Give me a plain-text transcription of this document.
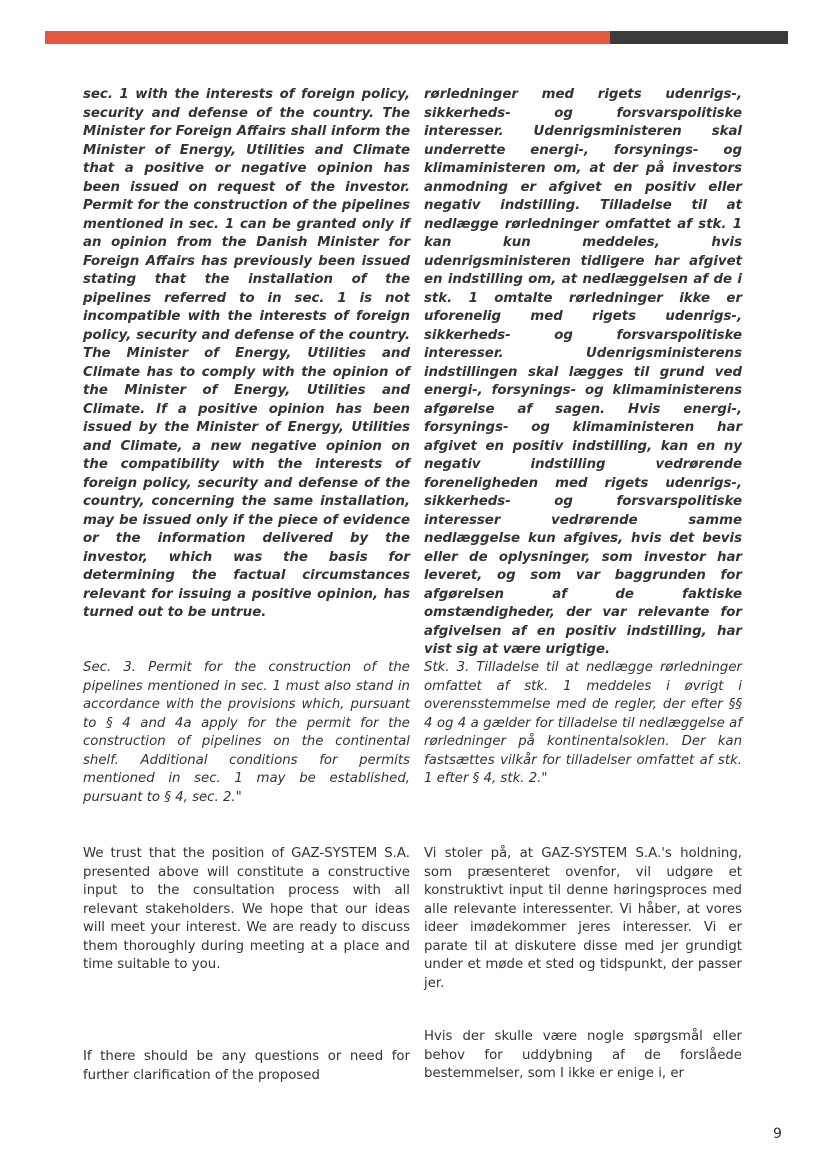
sec. 1 with the interests of foreign policy, security and defense of the country. The Minister for Foreign Affairs shall inform the Minister of Energy, Utilities and Climate that a positive or negative opinion has been issued on request of the investor. Permit for the construction of the pipelines mentioned in sec. 1 can be granted only if an opinion from the Danish Minister for Foreign Affairs has previously been issued stating that the installation of the pipelines referred to in sec. 1 is not incompatible with the interests of foreign policy, security and defense of the country. The Minister of Energy, Utilities and Climate has to comply with the opinion of the Minister of Energy, Utilities and Climate. If a positive opinion has been issued by the Minister of Energy, Utilities and Climate, a new negative opinion on the compatibility with the interests of foreign policy, security and defense of the country, concerning the same installation, may be issued only if the piece of evidence or the information delivered by the investor, which was the basis for determining the factual circumstances relevant for issuing a positive opinion, has turned out to be untrue.

rørledninger med rigets udenrigs-, sikkerheds- og forsvarspolitiske interesser. Udenrigsministeren skal underrette energi-, forsynings- og klimaministeren om, at der på investors anmodning er afgivet en positiv eller negativ indstilling. Tilladelse til at nedlægge rørledninger omfattet af stk. 1 kan kun meddeles, hvis udenrigsministeren tidligere har afgivet en indstilling om, at nedlæggelsen af de i stk. 1 omtalte rørledninger ikke er uforenelig med rigets udenrigs-, sikkerheds- og forsvarspolitiske interesser. Udenrigsministerens indstillingen skal lægges til grund ved energi-, forsynings- og klimaministerens afgørelse af sagen. Hvis energi-, forsynings- og klimaministeren har afgivet en positiv indstilling, kan en ny negativ indstilling vedrørende foreneligheden med rigets udenrigs-, sikkerheds- og forsvarspolitiske interesser vedrørende samme nedlæggelse kun afgives, hvis det bevis eller de oplysninger, som investor har leveret, og som var baggrunden for afgørelsen af de faktiske omstændigheder, der var relevante for afgivelsen af en positiv indstilling, har vist sig at være urigtige.

Sec. 3. Permit for the construction of the pipelines mentioned in sec. 1 must also stand in accordance with the provisions which, pursuant to § 4 and 4a apply for the permit for the construction of pipelines on the continental shelf. Additional conditions for permits mentioned in sec. 1 may be established, pursuant to § 4, sec. 2."

Stk. 3. Tilladelse til at nedlægge rørledninger omfattet af stk. 1 meddeles i øvrigt i overensstemmelse med de regler, der efter §§ 4 og 4 a gælder for tilladelse til nedlæggelse af rørledninger på kontinentalsoklen. Der kan fastsættes vilkår for tilladelser omfattet af stk. 1 efter § 4, stk. 2."

We trust that the position of GAZ-SYSTEM S.A. presented above will constitute a constructive input to the consultation process with all relevant stakeholders. We hope that our ideas will meet your interest. We are ready to discuss them thoroughly during meeting at a place and time suitable to you.

Vi stoler på, at GAZ-SYSTEM S.A.'s holdning, som præsenteret ovenfor, vil udgøre et konstruktivt input til denne høringsproces med alle relevante interessenter. Vi håber, at vores ideer imødekommer jeres interesser. Vi er parate til at diskutere disse med jer grundigt under et møde et sted og tidspunkt, der passer jer.

If there should be any questions or need for further clarification of the proposed

Hvis der skulle være nogle spørgsmål eller behov for uddybning af de forslåede bestemmelser, som I ikke er enige i, er

9
